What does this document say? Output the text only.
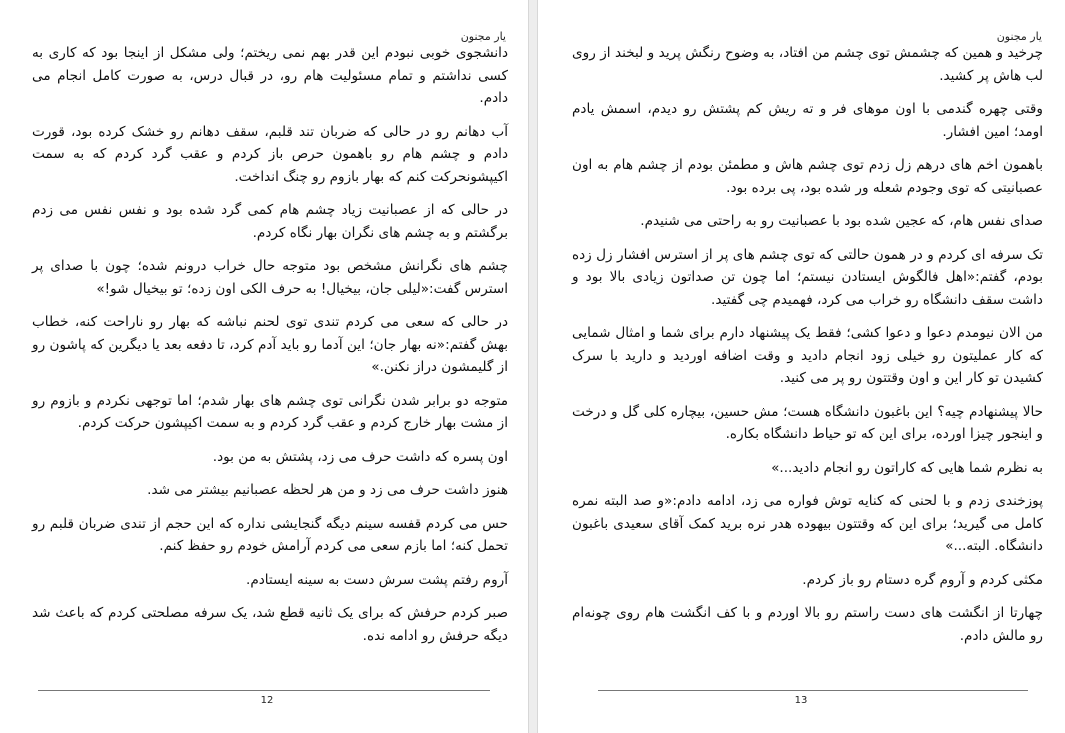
یار مجنون

دانشجوی خوبی نبودم این قدر بهم نمی ریختم؛ ولی مشکل از اینجا بود که کاری به کسی نداشتم و تمام مسئولیت هام رو، در قبال درس، به صورت کامل انجام می دادم.

آب دهانم رو در حالی که ضربان تند قلبم، سقف دهانم رو خشک کرده بود، قورت دادم و چشم هام رو باهمون حرص باز کردم و عقب گرد کردم که به سمت اکیپشونحرکت کنم که بهار بازوم رو چنگ انداخت.

در حالی که از عصبانیت زیاد چشم هام کمی گرد شده بود و نفس نفس می زدم برگشتم و به چشم های نگران بهار نگاه کردم.

چشم های نگرانش مشخص بود متوجه حال خراب درونم شده؛ چون با صدای پر استرس گفت:«لیلی جان، بیخیال! به حرف الکی اون زده؛ تو بیخیال شو!»

در حالی که سعی می کردم تندی توی لحنم نباشه که بهار رو ناراحت کنه، خطاب بهش گفتم:«نه بهار جان؛ این آدما رو باید آدم کرد، تا دفعه بعد یا دیگرین که پاشون رو از گلیمشون دراز نکنن.»

متوجه دو برابر شدن نگرانی توی چشم های بهار شدم؛ اما توجهی نکردم و بازوم رو از مشت بهار خارج کردم و عقب گرد کردم و به سمت اکیپشون حرکت کردم.

اون پسره که داشت حرف می زد، پشتش به من بود.

هنوز داشت حرف می زد و من هر لحظه عصبانیم بیشتر می شد.

حس می کردم قفسه سینم دیگه گنجایشی نداره که این حجم از تندی ضربان قلبم رو تحمل کنه؛ اما بازم سعی می کردم آرامش خودم رو حفظ کنم.

آروم رفتم پشت سرش دست به سینه ایستادم.

صبر کردم حرفش که برای یک ثانیه قطع شد، یک سرفه مصلحتی کردم که باعث شد دیگه حرفش رو ادامه نده.

12
یار مجنون

چرخید و همین که چشمش توی چشم من افتاد، به وضوح رنگش پرید و لبخند از روی لب هاش پر کشید.

وقتی چهره گندمی با اون موهای فر و ته ریش کم پشتش رو دیدم، اسمش یادم اومد؛ امین افشار.

باهمون اخم های درهم زل زدم توی چشم هاش و مطمئن بودم از چشم هام به اون عصبانیتی که توی وجودم شعله ور شده بود، پی برده بود.

صدای نفس هام، که عجین شده بود با عصبانیت رو به راحتی می شنیدم.

تک سرفه ای کردم و در همون حالتی که توی چشم های پر از استرس افشار زل زده بودم، گفتم:«اهل فالگوش ایستادن نیستم؛ اما چون تن صداتون زیادی بالا بود و داشت سقف دانشگاه رو خراب می کرد، فهمیدم چی گفتید.

من الان نیومدم دعوا و دعوا کشی؛ فقط یک پیشنهاد دارم برای شما و امثال شمایی که کار عملیتون رو خیلی زود انجام دادید و وقت اضافه اوردید و دارید با سرک کشیدن تو کار این و اون وقتتون رو پر می کنید.

حالا پیشنهادم چیه؟ این باغبون دانشگاه هست؛ مش حسین، بیچاره کلی گل و درخت و اینجور چیزا اورده، برای این که تو حیاط دانشگاه بکاره.

به نظرم شما هایی که کاراتون رو انجام دادید...»

پوزخندی زدم و با لحنی که کنایه توش فواره می زد، ادامه دادم:«و صد البته نمره کامل می گیرید؛ برای این که وقتتون بیهوده هدر نره برید کمک آقای سعیدی باغبون دانشگاه. البته...»

مکثی کردم و آروم گره دستام رو باز کردم.

چهارتا از انگشت های دست راستم رو بالا اوردم و با کف انگشت هام روی چونه‌ام رو مالش دادم.

13
